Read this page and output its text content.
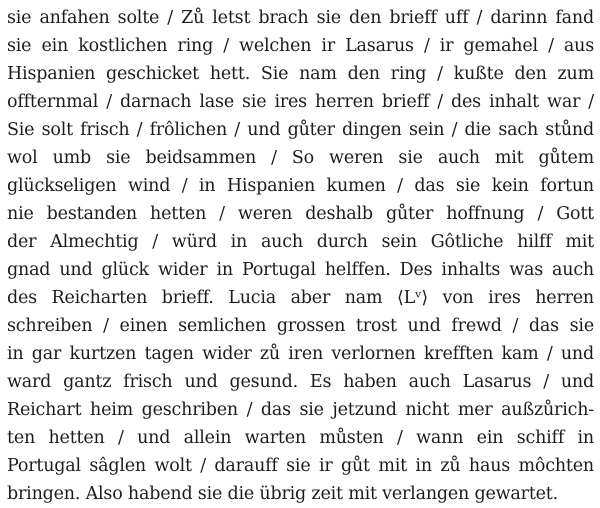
sie anfahen solte / Zů letst brach sie den brieff uff / darinn fand
sie ein kostlichen ring / welchen ir Lasarus / ir gemahel / aus
Hispanien geschicket hett. Sie nam den ring / kußte den zum
offternmal / darnach lase sie ires herren brieff / des inhalt war /
Sie solt frisch / frôlichen / und gůter dingen sein / die sach stůnd
wol umb sie beidsammen / So weren sie auch mit gůtem
glückseligen wind / in Hispanien kumen / das sie kein fortun
nie bestanden hetten / weren deshalb gůter hoffnung / Gott
der Almechtig / würd in auch durch sein Gôtliche hilff mit
gnad und glück wider in Portugal helffen. Des inhalts was auch
des Reicharten brieff. Lucia aber nam ⟨Lᵛ⟩ von ires herren
schreiben / einen semlichen grossen trost und frewd / das sie
in gar kurtzen tagen wider zů iren verlornen krefften kam / und
ward gantz frisch und gesund. Es haben auch Lasarus / und
Reichart heim geschriben / das sie jetzund nicht mer außzůrich-
ten hetten / und allein warten můsten / wann ein schiff in
Portugal sâglen wolt / darauff sie ir gůt mit in zů haus môchten
bringen. Also habend sie die übrig zeit mit verlangen gewartet.
